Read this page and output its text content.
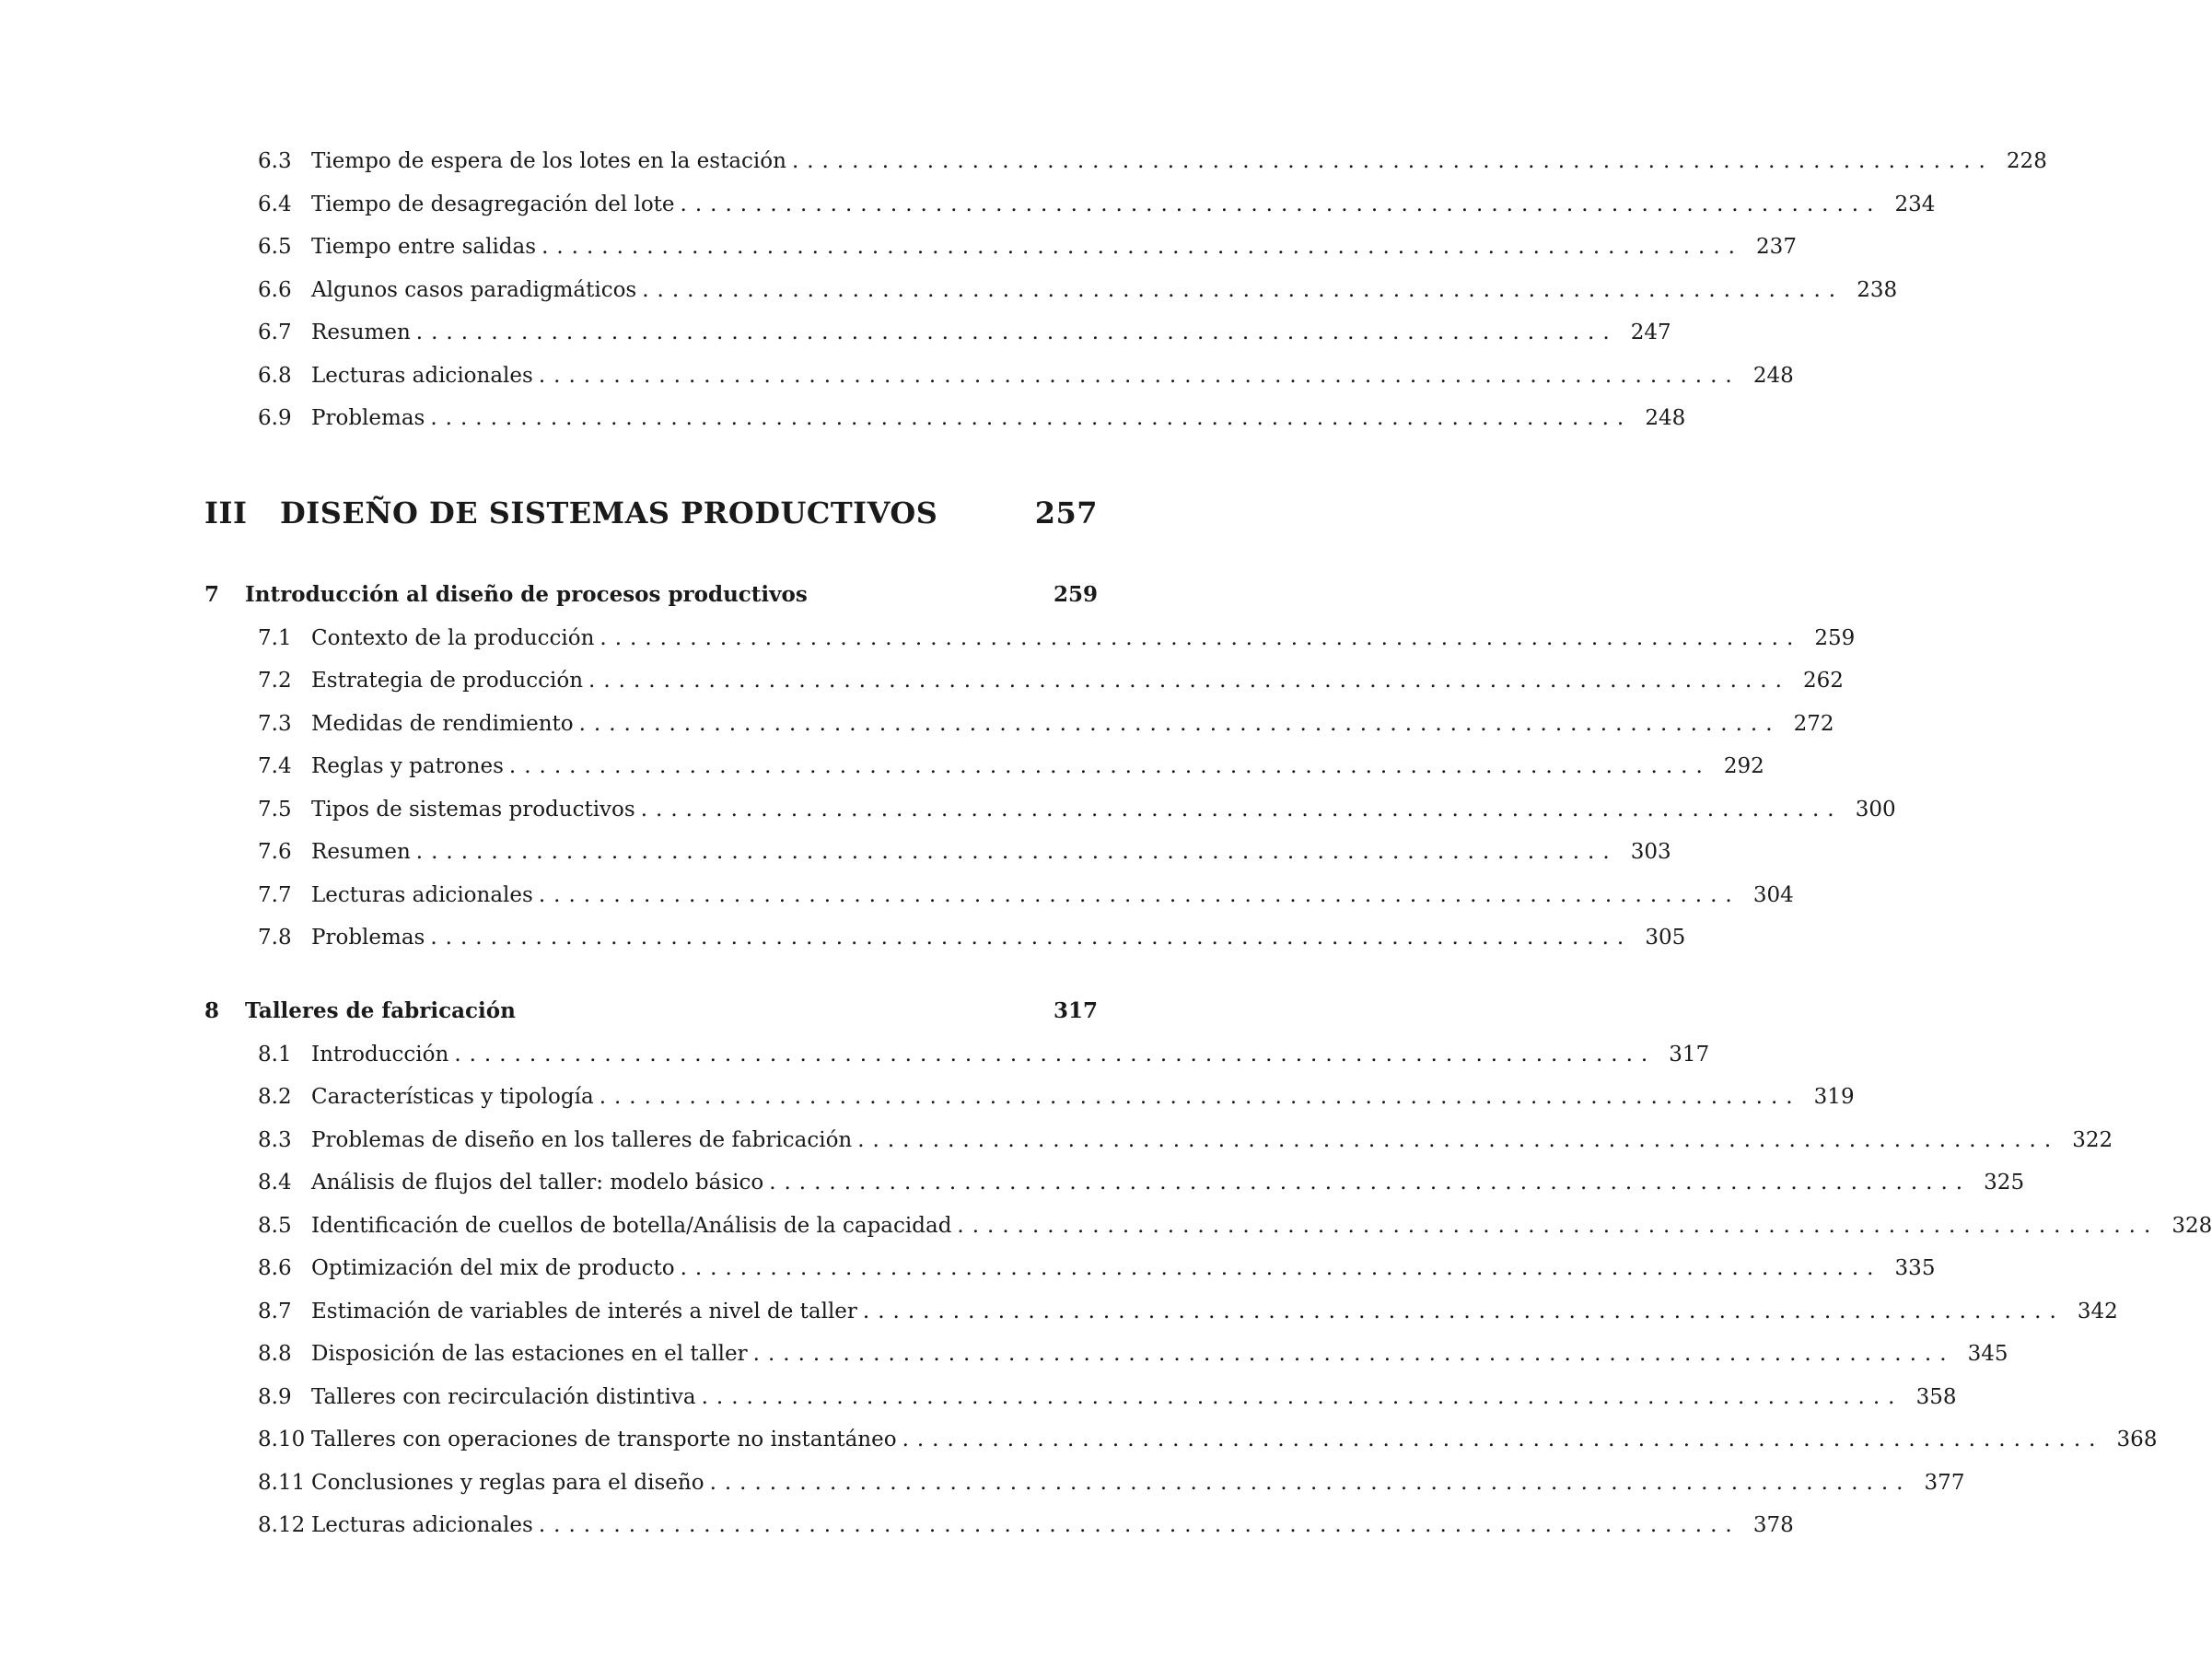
6.3 Tiempo de espera de los lotes en la estación ................................................................................ 228
6.4 Tiempo de desagregación del lote ................................................................................ 234
6.5 Tiempo entre salidas ................................................................................ 237
6.6 Algunos casos paradigmáticos ................................................................................ 238
6.7 Resumen ................................................................................ 247
6.8 Lecturas adicionales ................................................................................ 248
6.9 Problemas ................................................................................ 248
III	DISEÑO DE SISTEMAS PRODUCTIVOS	257
7	Introducción al diseño de procesos productivos	259
7.1 Contexto de la producción ................................................................................ 259
7.2 Estrategia de producción ................................................................................ 262
7.3 Medidas de rendimiento ................................................................................ 272
7.4 Reglas y patrones ................................................................................ 292
7.5 Tipos de sistemas productivos ................................................................................ 300
7.6 Resumen ................................................................................ 303
7.7 Lecturas adicionales ................................................................................ 304
7.8 Problemas ................................................................................ 305
8	Talleres de fabricación	317
8.1 Introducción ................................................................................ 317
8.2 Características y tipología ................................................................................ 319
8.3 Problemas de diseño en los talleres de fabricación ................................................................................ 322
8.4 Análisis de flujos del taller: modelo básico ................................................................................ 325
8.5 Identificación de cuellos de botella/Análisis de la capacidad ................................................................................ 328
8.6 Optimización del mix de producto ................................................................................ 335
8.7 Estimación de variables de interés a nivel de taller ................................................................................ 342
8.8 Disposición de las estaciones en el taller ................................................................................ 345
8.9 Talleres con recirculación distintiva ................................................................................ 358
8.10 Talleres con operaciones de transporte no instantáneo ................................................................................ 368
8.11 Conclusiones y reglas para el diseño ................................................................................ 377
8.12 Lecturas adicionales ................................................................................ 378
